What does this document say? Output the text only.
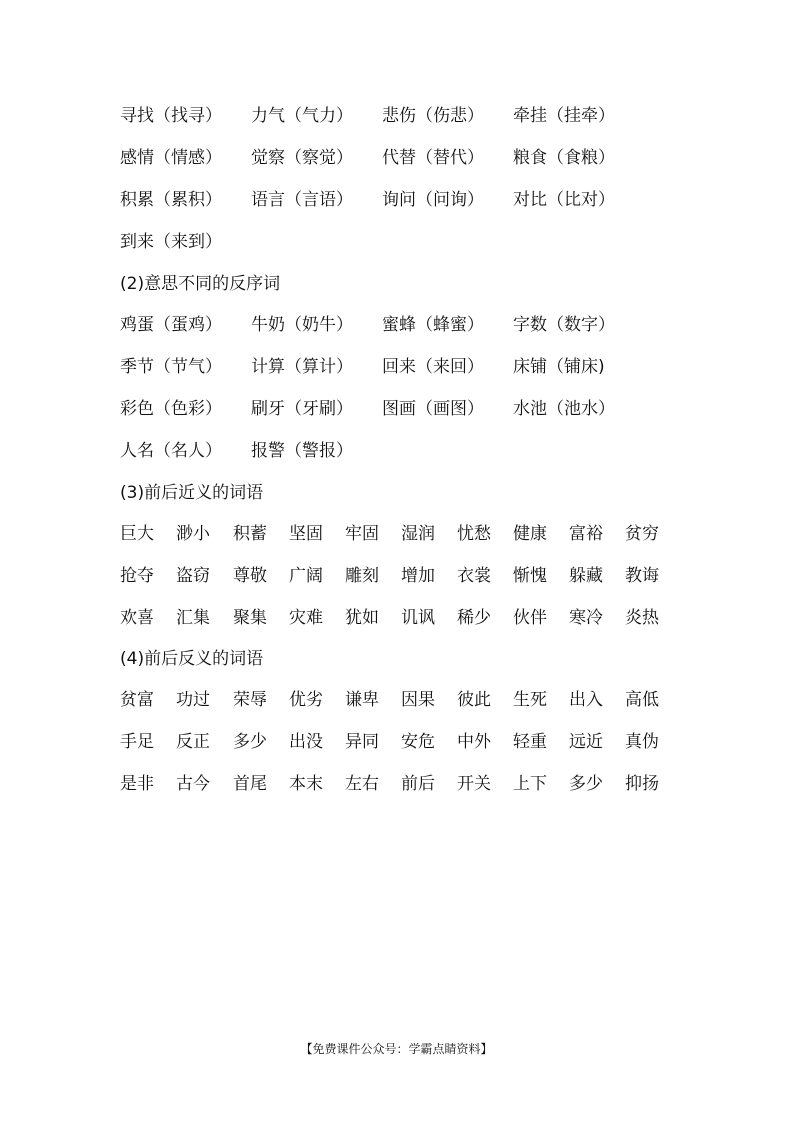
寻找（找寻） 力气（气力） 悲伤（伤悲） 牵挂（挂牵）
感情（情感） 觉察（察觉） 代替（替代） 粮食（食粮）
积累（累积） 语言（言语） 询问（问询） 对比（比对）
到来（来到）
(2)意思不同的反序词
鸡蛋（蛋鸡） 牛奶（奶牛） 蜜蜂（蜂蜜） 字数（数字）
季节（节气） 计算（算计） 回来（来回） 床铺（铺床)
彩色（色彩） 刷牙（牙刷） 图画（画图） 水池（池水）
人名（名人） 报警（警报）
(3)前后近义的词语
巨大 渺小 积蓄 坚固 牢固 湿润 忧愁 健康 富裕 贫穷
抢夺 盗窃 尊敬 广阔 雕刻 增加 衣裳 惭愧 躲藏 教诲
欢喜 汇集 聚集 灾难 犹如 讥讽 稀少 伙伴 寒冷 炎热
(4)前后反义的词语
贫富 功过 荣辱 优劣 谦卑 因果 彼此 生死 出入 高低
手足 反正 多少 出没 异同 安危 中外 轻重 远近 真伪
是非 古今 首尾 本末 左右 前后 开关 上下 多少 抑扬
【免费课件公众号：学霸点睛资料】
